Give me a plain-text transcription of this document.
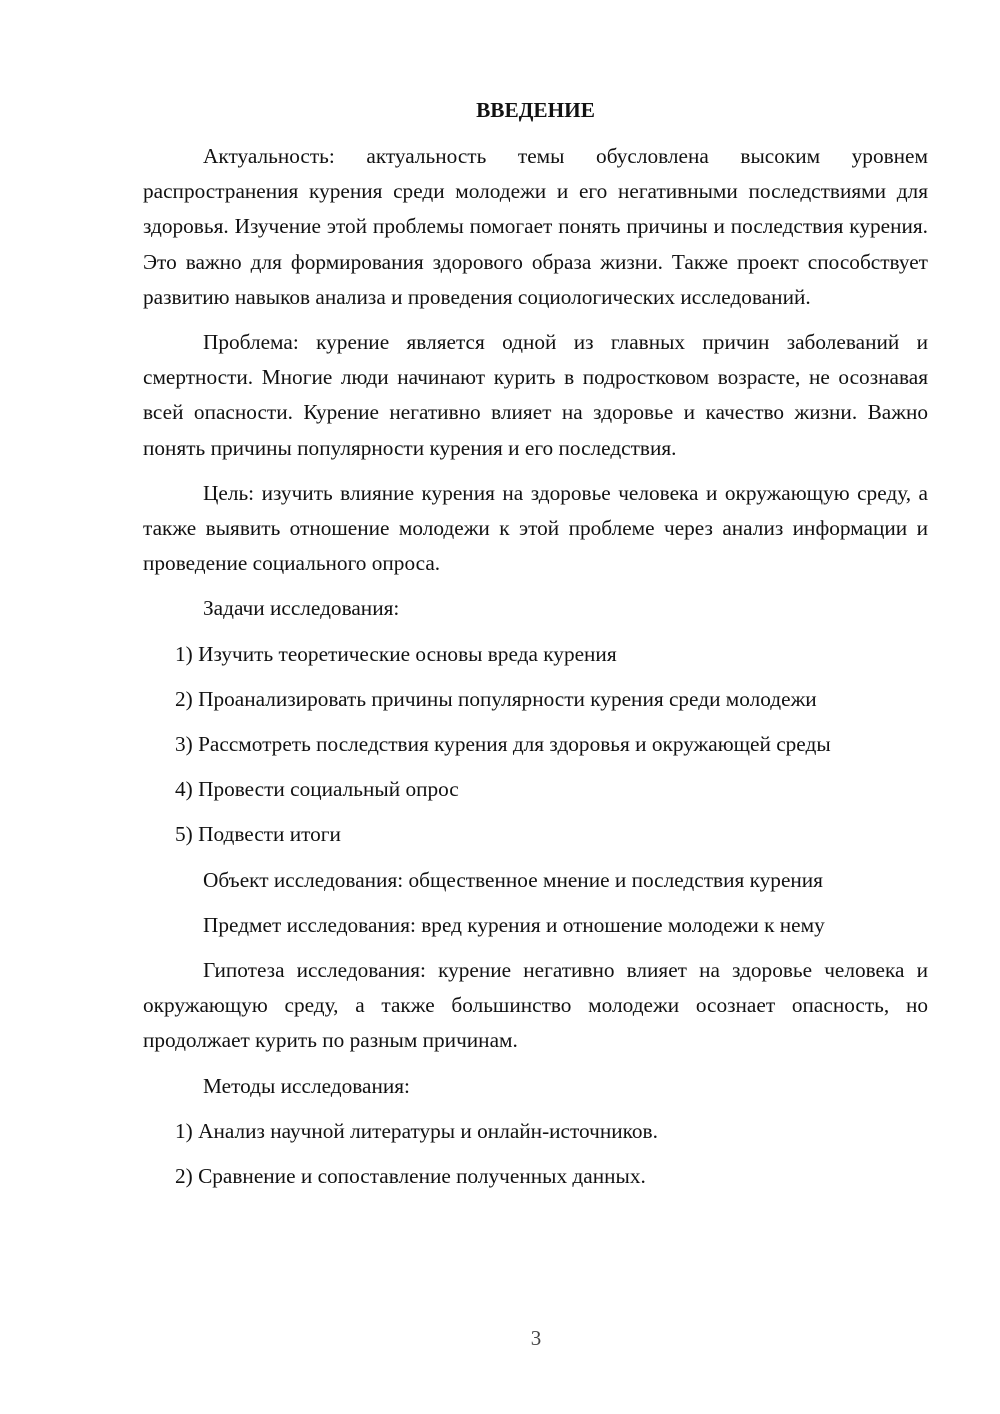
ВВЕДЕНИЕ

Актуальность: актуальность темы обусловлена высоким уровнем распространения курения среди молодежи и его негативными последствиями для здоровья. Изучение этой проблемы помогает понять причины и последствия курения. Это важно для формирования здорового образа жизни. Также проект способствует развитию навыков анализа и проведения социологических исследований.

Проблема: курение является одной из главных причин заболеваний и смертности. Многие люди начинают курить в подростковом возрасте, не осознавая всей опасности. Курение негативно влияет на здоровье и качество жизни. Важно понять причины популярности курения и его последствия.

Цель: изучить влияние курения на здоровье человека и окружающую среду, а также выявить отношение молодежи к этой проблеме через анализ информации и проведение социального опроса.

Задачи исследования:

1) Изучить теоретические основы вреда курения

2) Проанализировать причины популярности курения среди молодежи

3) Рассмотреть последствия курения для здоровья и окружающей среды

4) Провести социальный опрос

5) Подвести итоги

Объект исследования: общественное мнение и последствия курения

Предмет исследования: вред курения и отношение молодежи к нему

Гипотеза исследования: курение негативно влияет на здоровье человека и окружающую среду, а также большинство молодежи осознает опасность, но продолжает курить по разным причинам.

Методы исследования:

1) Анализ научной литературы и онлайн-источников.

2) Сравнение и сопоставление полученных данных.

3
